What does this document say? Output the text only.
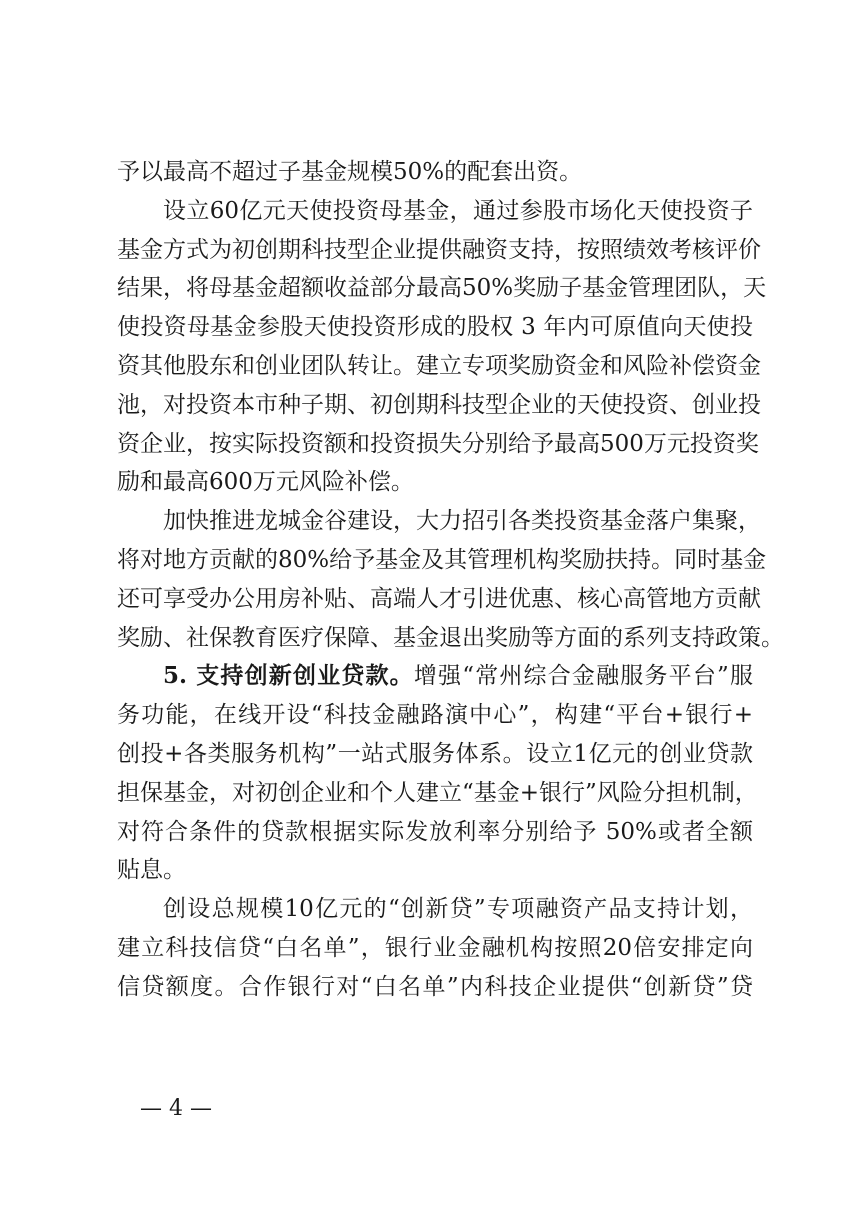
予以最高不超过子基金规模50%的配套出资。
设立60亿元天使投资母基金，通过参股市场化天使投资子
基金方式为初创期科技型企业提供融资支持，按照绩效考核评价
结果，将母基金超额收益部分最高50%奖励子基金管理团队，天
使投资母基金参股天使投资形成的股权 3 年内可原值向天使投
资其他股东和创业团队转让。建立专项奖励资金和风险补偿资金
池，对投资本市种子期、初创期科技型企业的天使投资、创业投
资企业，按实际投资额和投资损失分别给予最高500万元投资奖
励和最高600万元风险补偿。
加快推进龙城金谷建设，大力招引各类投资基金落户集聚，
将对地方贡献的80%给予基金及其管理机构奖励扶持。同时基金
还可享受办公用房补贴、高端人才引进优惠、核心高管地方贡献
奖励、社保教育医疗保障、基金退出奖励等方面的系列支持政策。
5. 支持创新创业贷款。增强“常州综合金融服务平台”服
务功能，在线开设“科技金融路演中心”，构建“平台+银行+
创投+各类服务机构”一站式服务体系。设立1亿元的创业贷款
担保基金，对初创企业和个人建立“基金+银行”风险分担机制，
对符合条件的贷款根据实际发放利率分别给予 50%或者全额
贴息。
创设总规模10亿元的“创新贷”专项融资产品支持计划，
建立科技信贷“白名单”，银行业金融机构按照20倍安排定向
信贷额度。合作银行对“白名单”内科技企业提供“创新贷”贷
— 4 —
